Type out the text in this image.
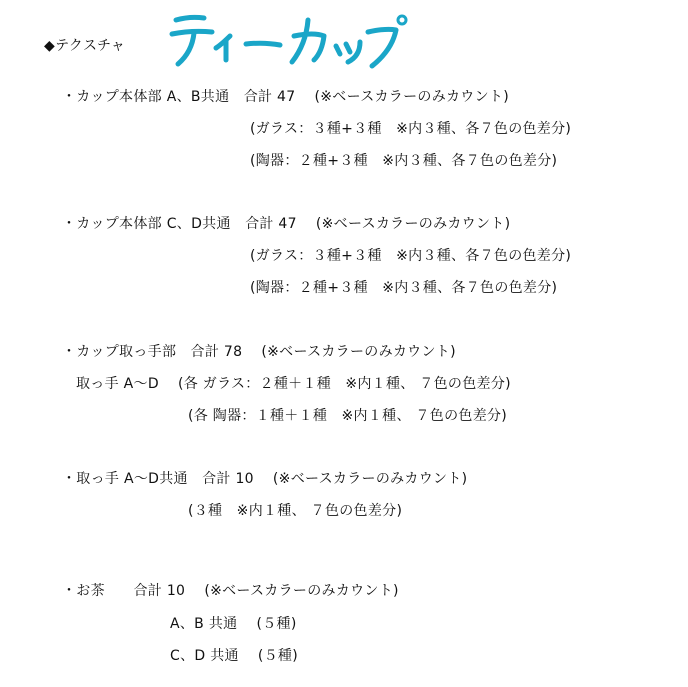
◆テクスチャ
・カップ本体部 A、B共通　合計 47　 (※ベースカラーのみカウント)
(ガラス：３種+３種　※内３種、各７色の色差分)
(陶器：２種+３種　※内３種、各７色の色差分)
・カップ本体部 C、D共通　合計 47　 (※ベースカラーのみカウント)
(ガラス：３種+３種　※内３種、各７色の色差分)
(陶器：２種+３種　※内３種、各７色の色差分)
・カップ取っ手部　合計 78　 (※ベースカラーのみカウント)
取っ手 A～D　 (各 ガラス：２種＋１種　※内１種、 ７色の色差分)
(各 陶器：１種＋１種　※内１種、 ７色の色差分)
・取っ手 A～D共通　合計 10　 (※ベースカラーのみカウント)
(３種　※内１種、 ７色の色差分)
・お茶　　合計 10　 (※ベースカラーのみカウント)
A、B 共通　 (５種)
C、D 共通　 (５種)
